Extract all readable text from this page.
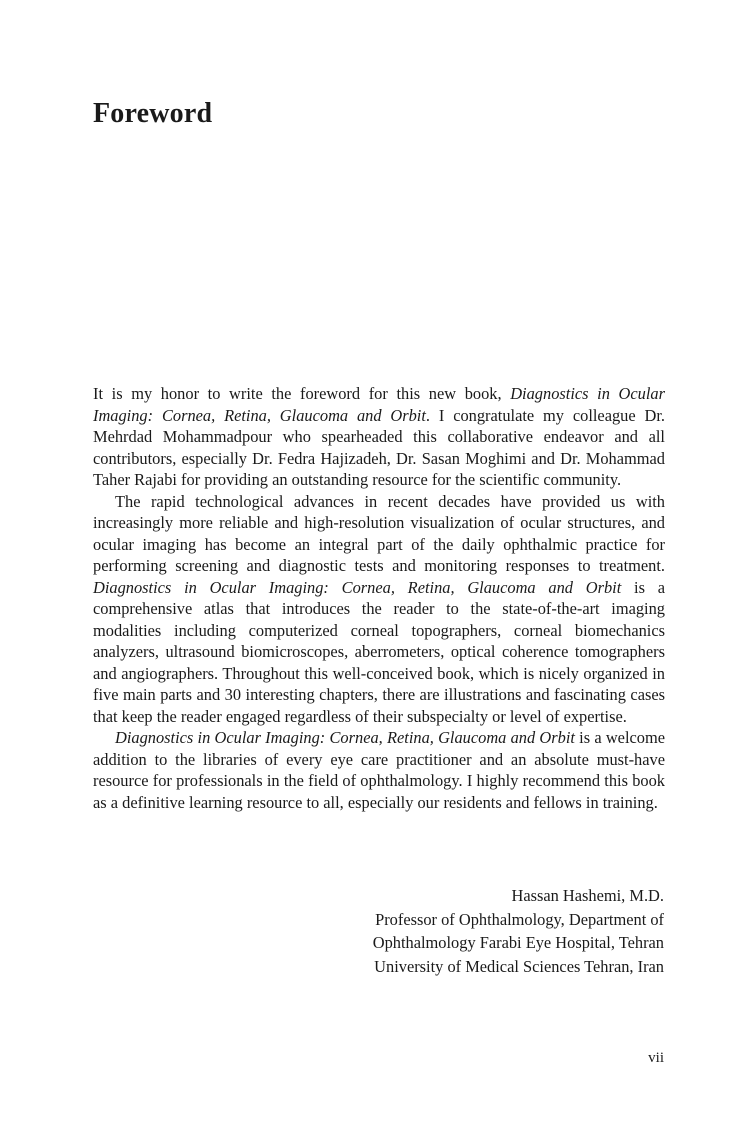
Foreword

It is my honor to write the foreword for this new book, Diagnostics in Ocular Imaging: Cornea, Retina, Glaucoma and Orbit. I congratulate my colleague Dr. Mehrdad Mohammadpour who spearheaded this collaborative endeavor and all contributors, especially Dr. Fedra Hajizadeh, Dr. Sasan Moghimi and Dr. Mohammad Taher Rajabi for providing an outstanding resource for the scientific community.

The rapid technological advances in recent decades have provided us with increasingly more reliable and high-resolution visualization of ocular structures, and ocular imaging has become an integral part of the daily ophthalmic practice for performing screening and diagnostic tests and monitoring responses to treatment. Diagnostics in Ocular Imaging: Cornea, Retina, Glaucoma and Orbit is a comprehensive atlas that introduces the reader to the state-of-the-art imaging modalities including computerized corneal topographers, corneal biomechanics analyzers, ultrasound biomicroscopes, aberrometers, optical coherence tomographers and angiographers. Throughout this well-conceived book, which is nicely organized in five main parts and 30 interesting chapters, there are illustrations and fascinating cases that keep the reader engaged regardless of their subspecialty or level of expertise.

Diagnostics in Ocular Imaging: Cornea, Retina, Glaucoma and Orbit is a welcome addition to the libraries of every eye care practitioner and an absolute must-have resource for professionals in the field of ophthalmology. I highly recommend this book as a definitive learning resource to all, especially our residents and fellows in training.

Hassan Hashemi, M.D.
Professor of Ophthalmology, Department of
Ophthalmology Farabi Eye Hospital, Tehran
University of Medical Sciences Tehran, Iran
vii
